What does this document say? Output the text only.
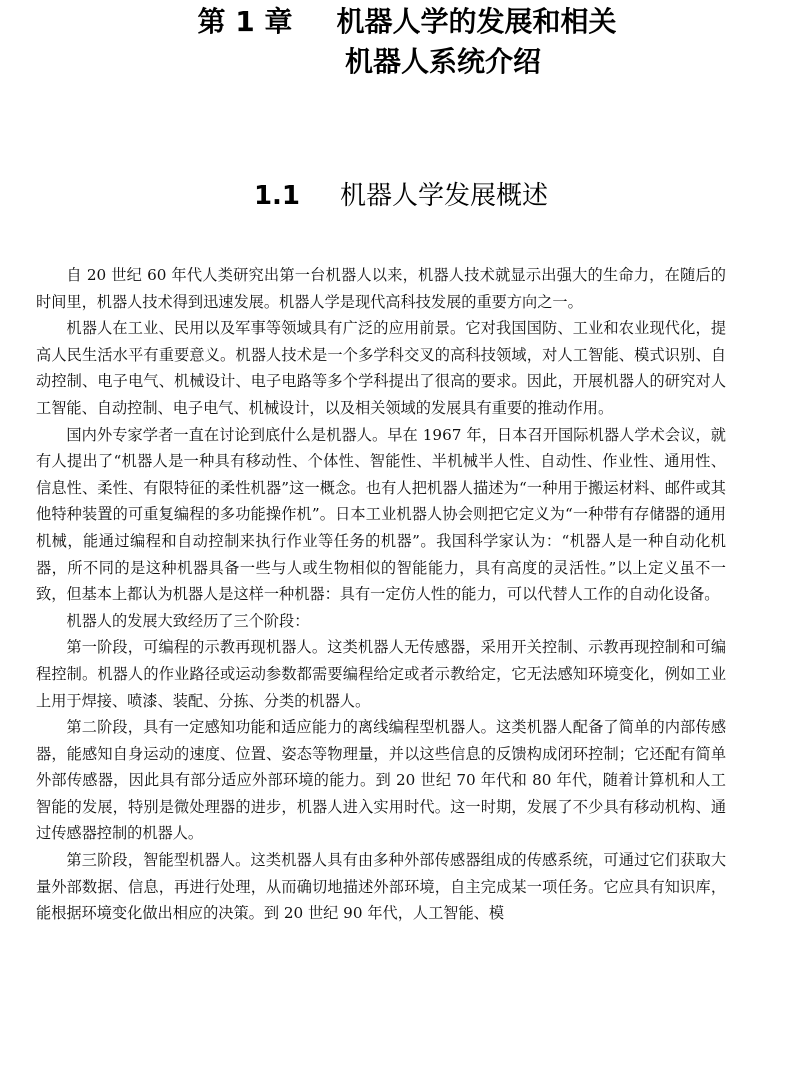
第 1 章 机器人学的发展和相关
机器人系统介绍
1.1 机器人学发展概述

自 20 世纪 60 年代人类研究出第一台机器人以来，机器人技术就显示出强大的生命力，在随后的时间里，机器人技术得到迅速发展。机器人学是现代高科技发展的重要方向之一。

机器人在工业、民用以及军事等领域具有广泛的应用前景。它对我国国防、工业和农业现代化，提高人民生活水平有重要意义。机器人技术是一个多学科交叉的高科技领域，对人工智能、模式识别、自动控制、电子电气、机械设计、电子电路等多个学科提出了很高的要求。因此，开展机器人的研究对人工智能、自动控制、电子电气、机械设计，以及相关领域的发展具有重要的推动作用。

国内外专家学者一直在讨论到底什么是机器人。早在 1967 年，日本召开国际机器人学术会议，就有人提出了“机器人是一种具有移动性、个体性、智能性、半机械半人性、自动性、作业性、通用性、信息性、柔性、有限特征的柔性机器”这一概念。也有人把机器人描述为“一种用于搬运材料、邮件或其他特种装置的可重复编程的多功能操作机”。日本工业机器人协会则把它定义为“一种带有存储器的通用机械，能通过编程和自动控制来执行作业等任务的机器”。我国科学家认为：“机器人是一种自动化机器，所不同的是这种机器具备一些与人或生物相似的智能能力，具有高度的灵活性。”以上定义虽不一致，但基本上都认为机器人是这样一种机器：具有一定仿人性的能力，可以代替人工作的自动化设备。

机器人的发展大致经历了三个阶段：

第一阶段，可编程的示教再现机器人。这类机器人无传感器，采用开关控制、示教再现控制和可编程控制。机器人的作业路径或运动参数都需要编程给定或者示教给定，它无法感知环境变化，例如工业上用于焊接、喷漆、装配、分拣、分类的机器人。

第二阶段，具有一定感知功能和适应能力的离线编程型机器人。这类机器人配备了简单的内部传感器，能感知自身运动的速度、位置、姿态等物理量，并以这些信息的反馈构成闭环控制；它还配有简单外部传感器，因此具有部分适应外部环境的能力。到 20 世纪 70 年代和 80 年代，随着计算机和人工智能的发展，特别是微处理器的进步，机器人进入实用时代。这一时期，发展了不少具有移动机构、通过传感器控制的机器人。

第三阶段，智能型机器人。这类机器人具有由多种外部传感器组成的传感系统，可通过它们获取大量外部数据、信息，再进行处理，从而确切地描述外部环境，自主完成某一项任务。它应具有知识库，能根据环境变化做出相应的决策。到 20 世纪 90 年代，人工智能、模
